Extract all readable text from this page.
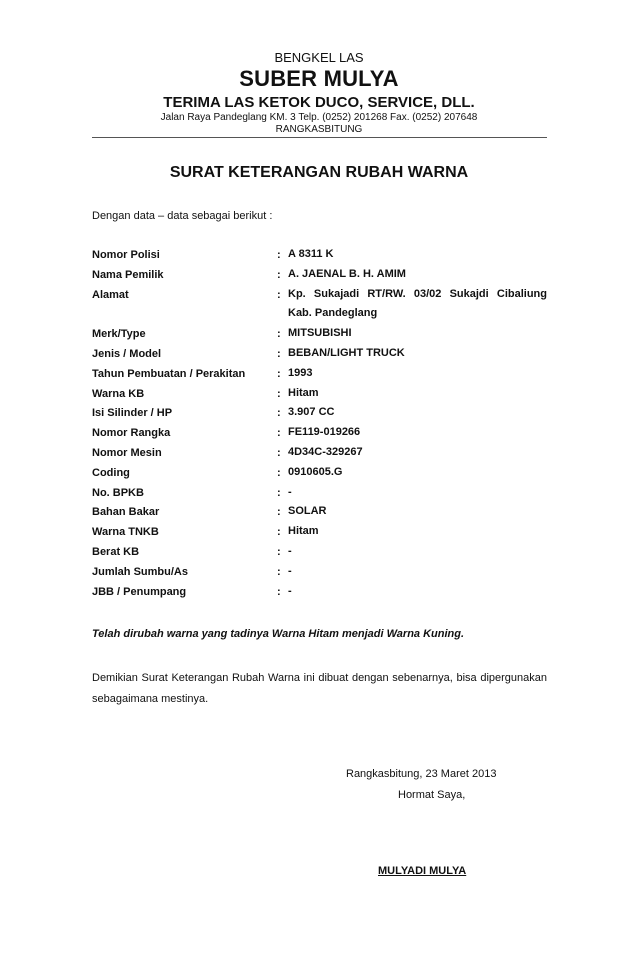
BENGKEL LAS
SUBER MULYA
TERIMA LAS KETOK DUCO, SERVICE, DLL.
Jalan Raya Pandeglang KM. 3 Telp. (0252) 201268 Fax. (0252) 207648
RANGKASBITUNG
SURAT KETERANGAN RUBAH WARNA
Dengan data – data sebagai berikut :
Nomor Polisi	: A 8311 K
Nama Pemilik	: A. JAENAL B. H. AMIM
Alamat	: Kp. Sukajadi RT/RW. 03/02 Sukajdi Cibaliung Kab. Pandeglang
Merk/Type	: MITSUBISHI
Jenis / Model	: BEBAN/LIGHT TRUCK
Tahun Pembuatan / Perakitan	: 1993
Warna KB	: Hitam
Isi Silinder / HP	: 3.907 CC
Nomor Rangka	: FE119-019266
Nomor Mesin	: 4D34C-329267
Coding	: 0910605.G
No. BPKB	: -
Bahan Bakar	: SOLAR
Warna TNKB	: Hitam
Berat KB	: -
Jumlah Sumbu/As	: -
JBB / Penumpang	: -
Telah dirubah warna yang tadinya Warna Hitam menjadi Warna Kuning.
Demikian Surat Keterangan Rubah Warna ini dibuat dengan sebenarnya, bisa dipergunakan sebagaimana mestinya.
Rangkasbitung, 23 Maret 2013
Hormat Saya,
MULYADI MULYA
